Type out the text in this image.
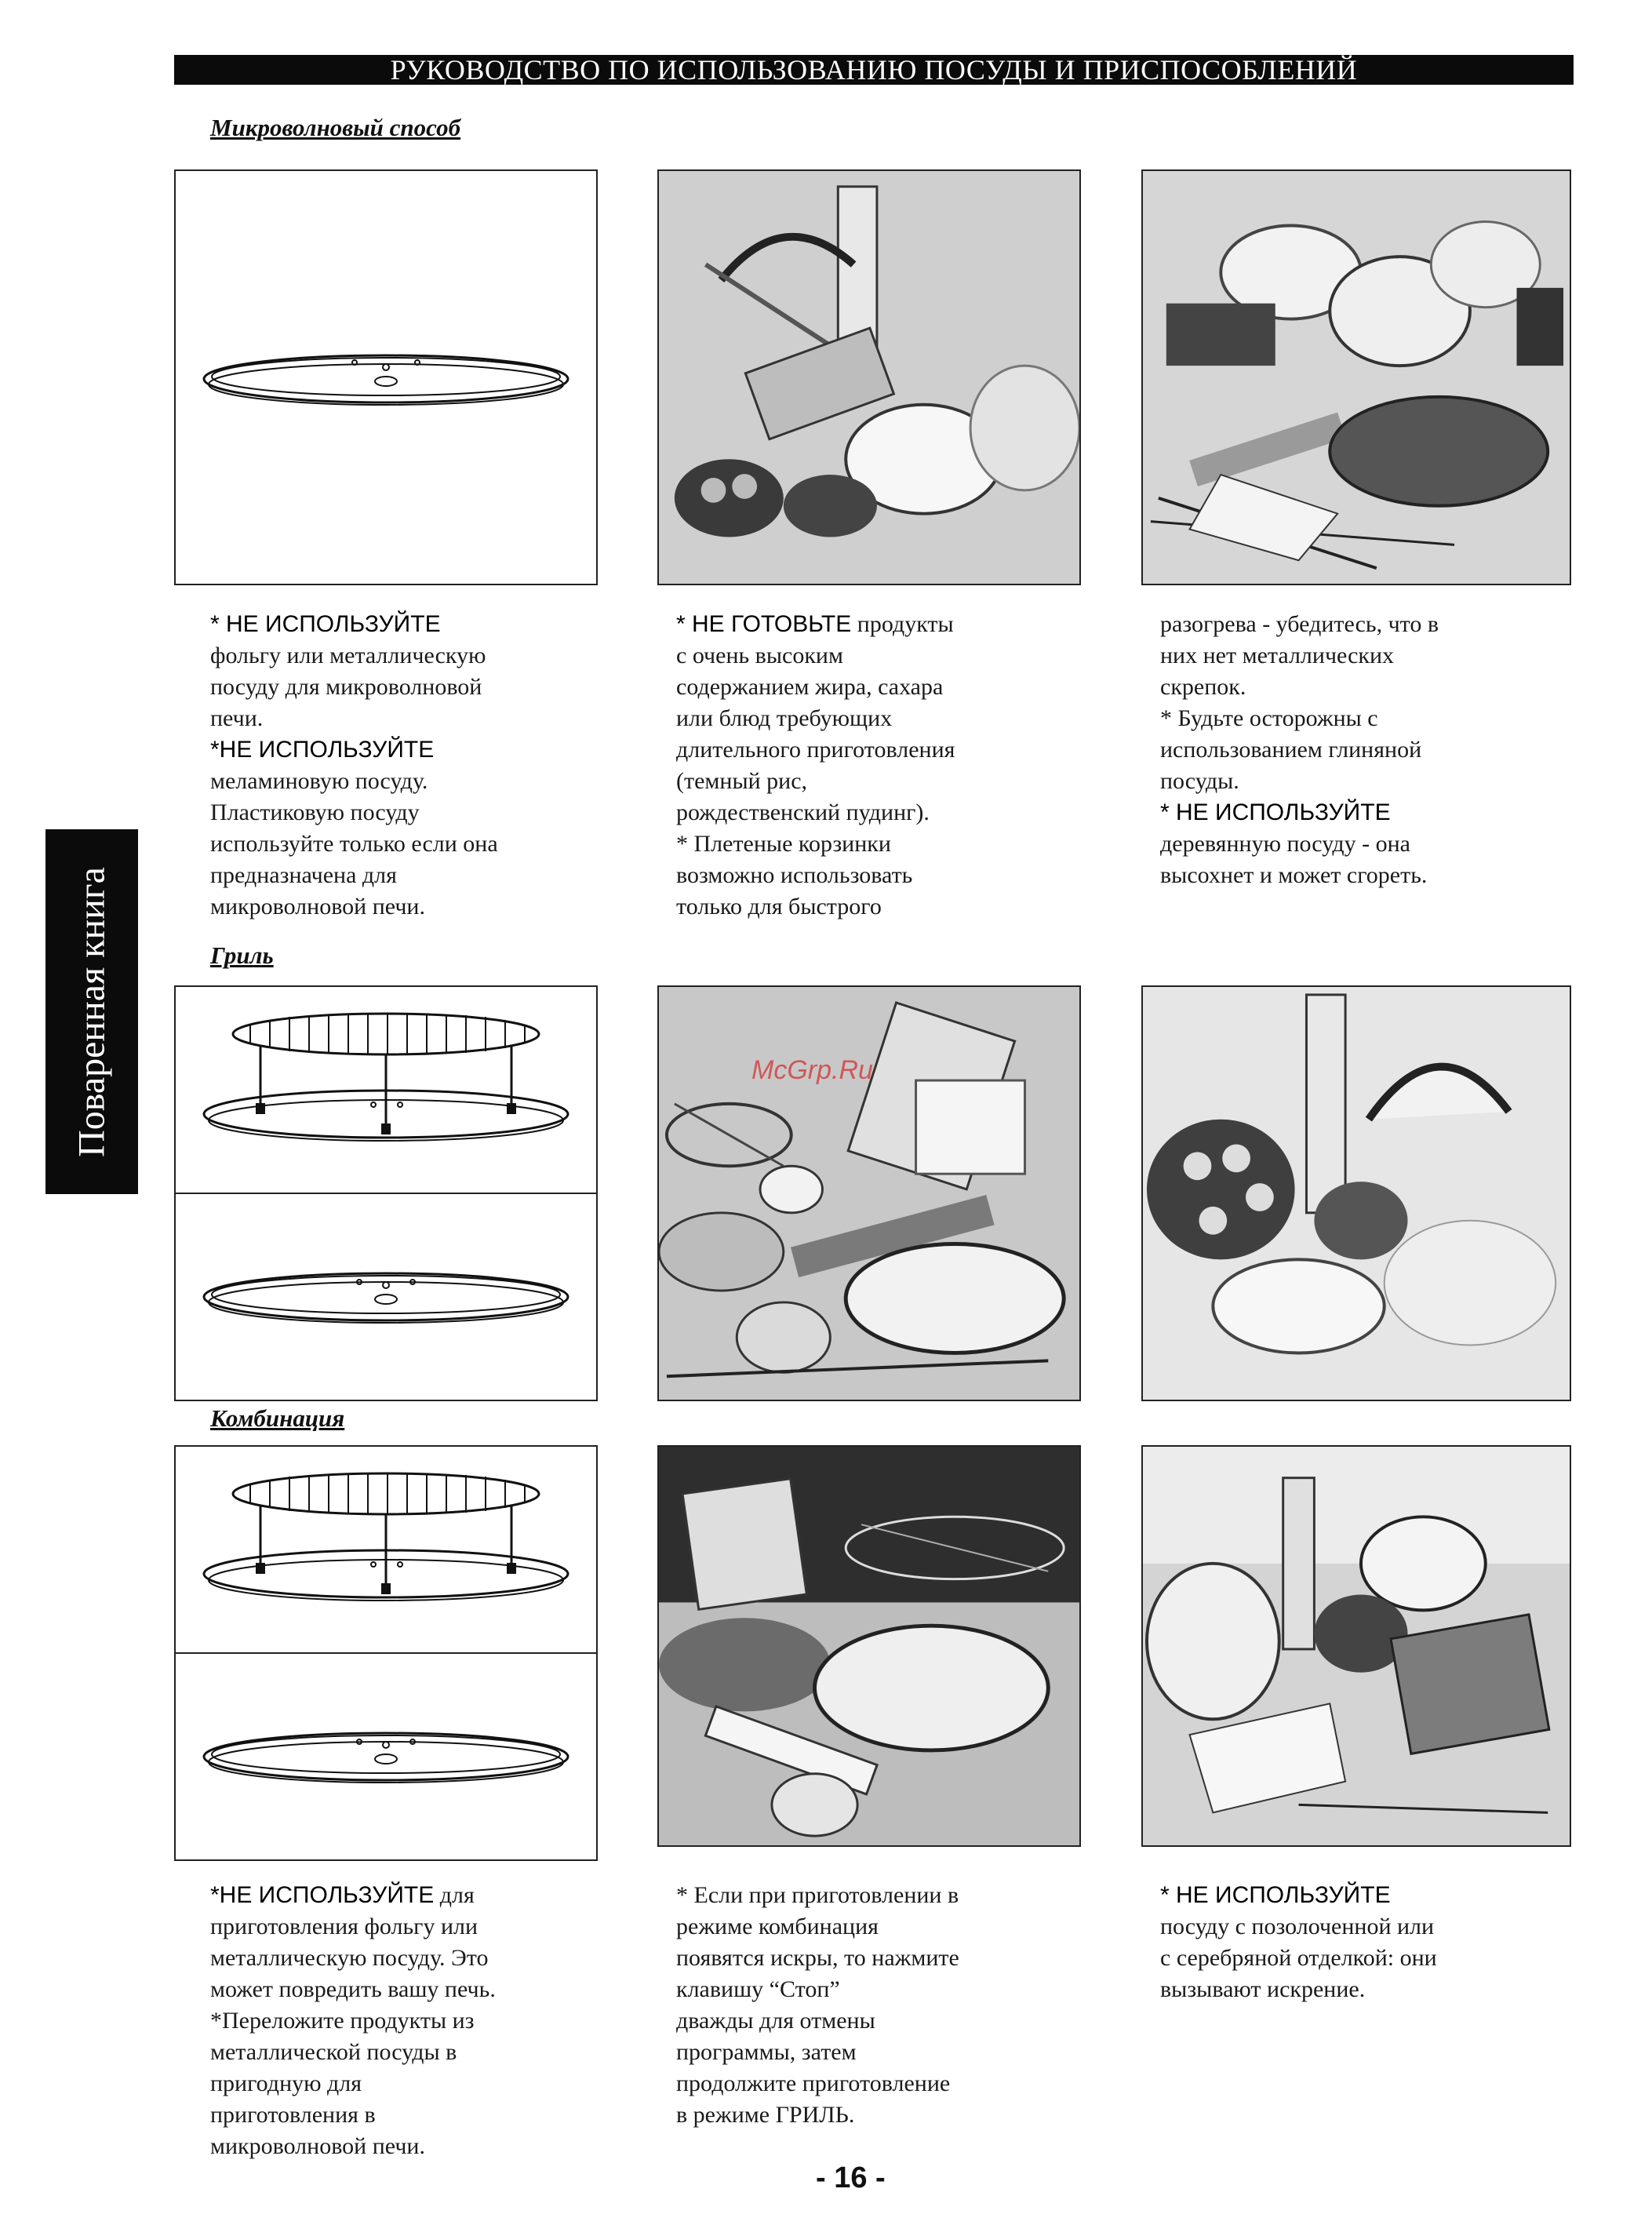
РУКОВОДСТВО ПО ИСПОЛЬЗОВАНИЮ ПОСУДЫ И ПРИСПОСОБЛЕНИЙ
Поваренная книга
Микроволновый способ

* НЕ ИСПОЛЬЗУЙТЕ

фольгу или металлическую

посуду для микроволновой

печи.

*НЕ ИСПОЛЬЗУЙТЕ

меламиновую посуду.

Пластиковую посуду

используйте только если она

предназначена для

микроволновой печи.

* НЕ ГОТОВЬТЕ продукты

с очень высоким

содержанием жира, сахара

или блюд требующих

длительного приготовления

(темный рис,

рождественский пудинг).

* Плетеные корзинки

возможно использовать

только для быстрого

разогрева - убедитесь, что в

них нет металлических

скрепок.

* Будьте осторожны с

использованием глиняной

посуды.

* НЕ ИСПОЛЬЗУЙТЕ

деревянную посуду - она

высохнет и может сгореть.

Гриль
McGrp.Ru
Комбинация

*НЕ ИСПОЛЬЗУЙТЕ для

приготовления фольгу или

металлическую посуду. Это

может повредить вашу печь.

*Переложите продукты из

металлической посуды в

пригодную для

приготовления в

микроволновой печи.

* Если при приготовлении в

режиме комбинация

появятся искры, то нажмите

клавишу “Стоп”

дважды для отмены

программы, затем

продолжите приготовление

в режиме ГРИЛЬ.

* НЕ ИСПОЛЬЗУЙТЕ

посуду с позолоченной или

с серебряной отделкой: они

вызывают искрение.

- 16 -
